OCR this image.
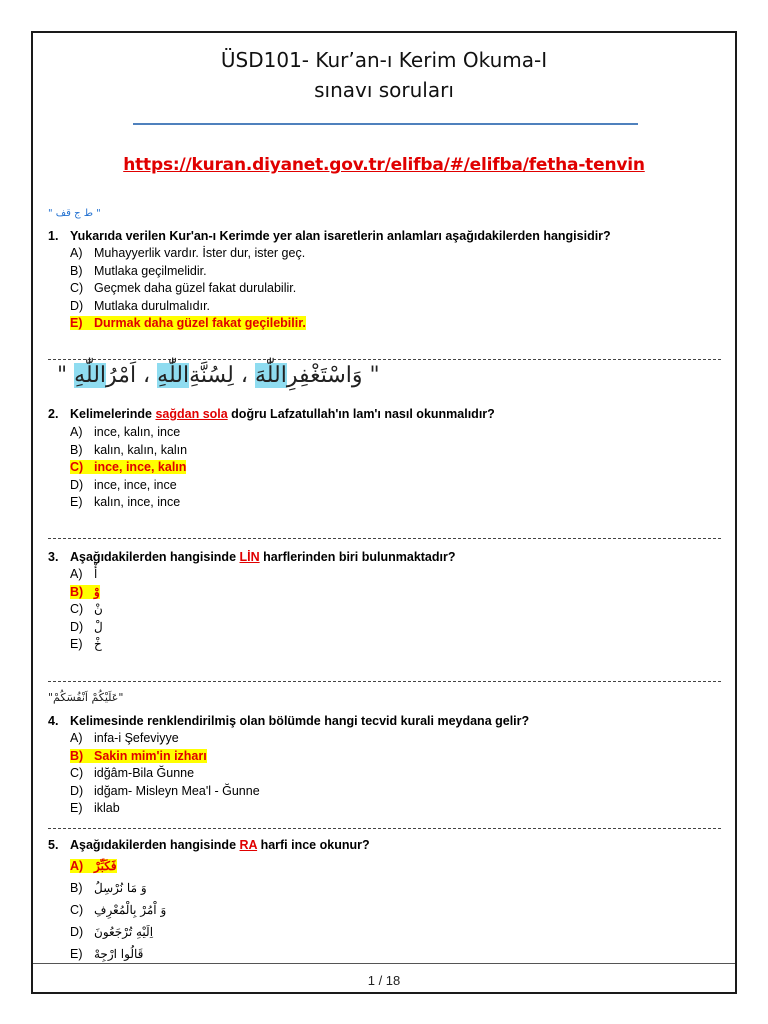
ÜSD101- Kur’an-ı Kerim Okuma-I
sınavı soruları
https://kuran.diyanet.gov.tr/elifba/#/elifba/fetha-tenvin
" ط ج قف "
1. Yukarıda verilen Kur'an-ı Kerimde yer alan isaretlerin anlamları aşağıdakilerden hangisidir?
A) Muhayyerlik vardır. İster dur, ister geç.
B) Mutlaka geçilmelidir.
C) Geçmek daha güzel fakat durulabilir.
D) Mutlaka durulmalıdır.
E) Durmak daha güzel fakat geçilebilir.
"	وَاسْتَغْفِرِاللّٰهَ ، لِسُنَّةِاللّٰهِ ، اَمْرُاللّٰهِ	"
2. Kelimelerinde sağdan sola doğru Lafzatullah'ın lam'ı nasıl okunmalıdır?
A) ince, kalın, ince
B) kalın, kalın, kalın
C) ince, ince, kalın
D) ince, ince, ince
E) kalın, ince, ince
3. Aşağıdakilerden hangisinde LİN harflerinden biri bulunmaktadır?
A) أْ
B) وْ
C) نْ
D) لْ
E) خْ
"عَلَيْكُمْ اَنْفُسَكُمْ"
4. Kelimesinde renklendirilmiş olan bölümde hangi tecvid kurali meydana gelir?
A) infa-i Şefeviyye
B) Sakin mim'in izharı
C) idğâm-Bila Ğunne
D) idğam- Misleyn Mea'l - Ğunne
E) iklab
5. Aşağıdakilerden hangisinde RA harfi ince okunur?
A) فَكَبِّرْ
B) وَ مَا نُرْسِلُ
C) وَ اْمُرْ بِالْمُعْرِفِ
D) اِلَيْهِ تُرْجَعُونَ
E) قَالُوا ارْجِهْ
1 / 18
